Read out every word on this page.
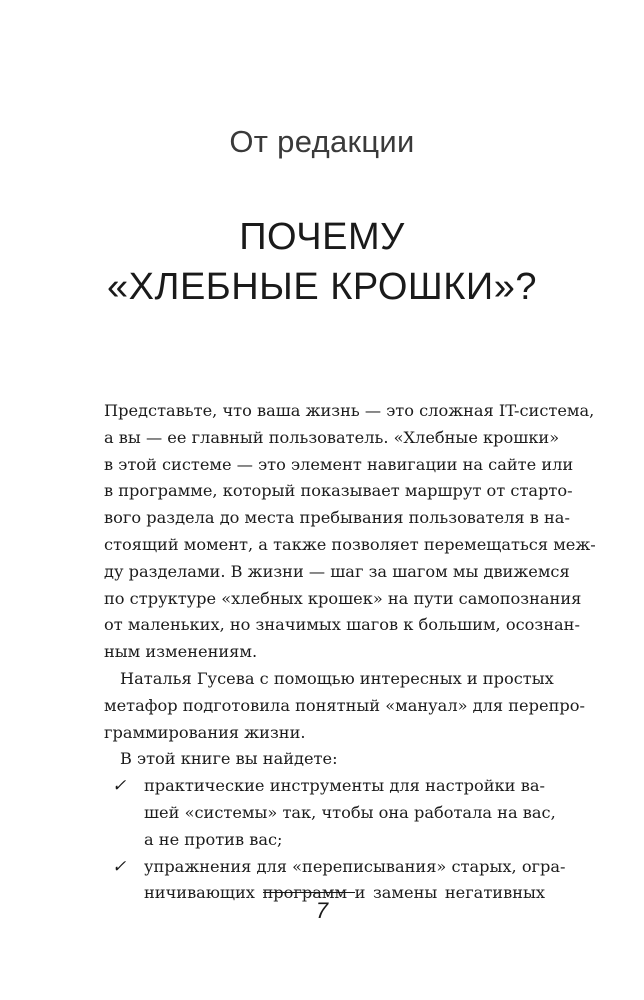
От редакции
ПОЧЕМУ
«ХЛЕБНЫЕ КРОШКИ»?
Представьте, что ваша жизнь — это сложная IT-система,
а вы — ее главный пользователь. «Хлебные крошки»
в этой системе — это элемент навигации на сайте или
в программе, который показывает маршрут от старто-
вого раздела до места пребывания пользователя в на-
стоящий момент, а также позволяет перемещаться меж-
ду разделами. В жизни — шаг за шагом мы движемся
по структуре «хлебных крошек» на пути самопознания
от маленьких, но значимых шагов к большим, осознан-
ным изменениям.
Наталья Гусева с помощью интересных и простых
метафор подготовила понятный «мануал» для перепро-
граммирования жизни.
В этой книге вы найдете:
✓ практические инструменты для настройки ва-
шей «системы» так, чтобы она работала на вас,
а не против вас;
✓ упражнения для «переписывания» старых, огра-
ничивающих программ и замены негативных
7
